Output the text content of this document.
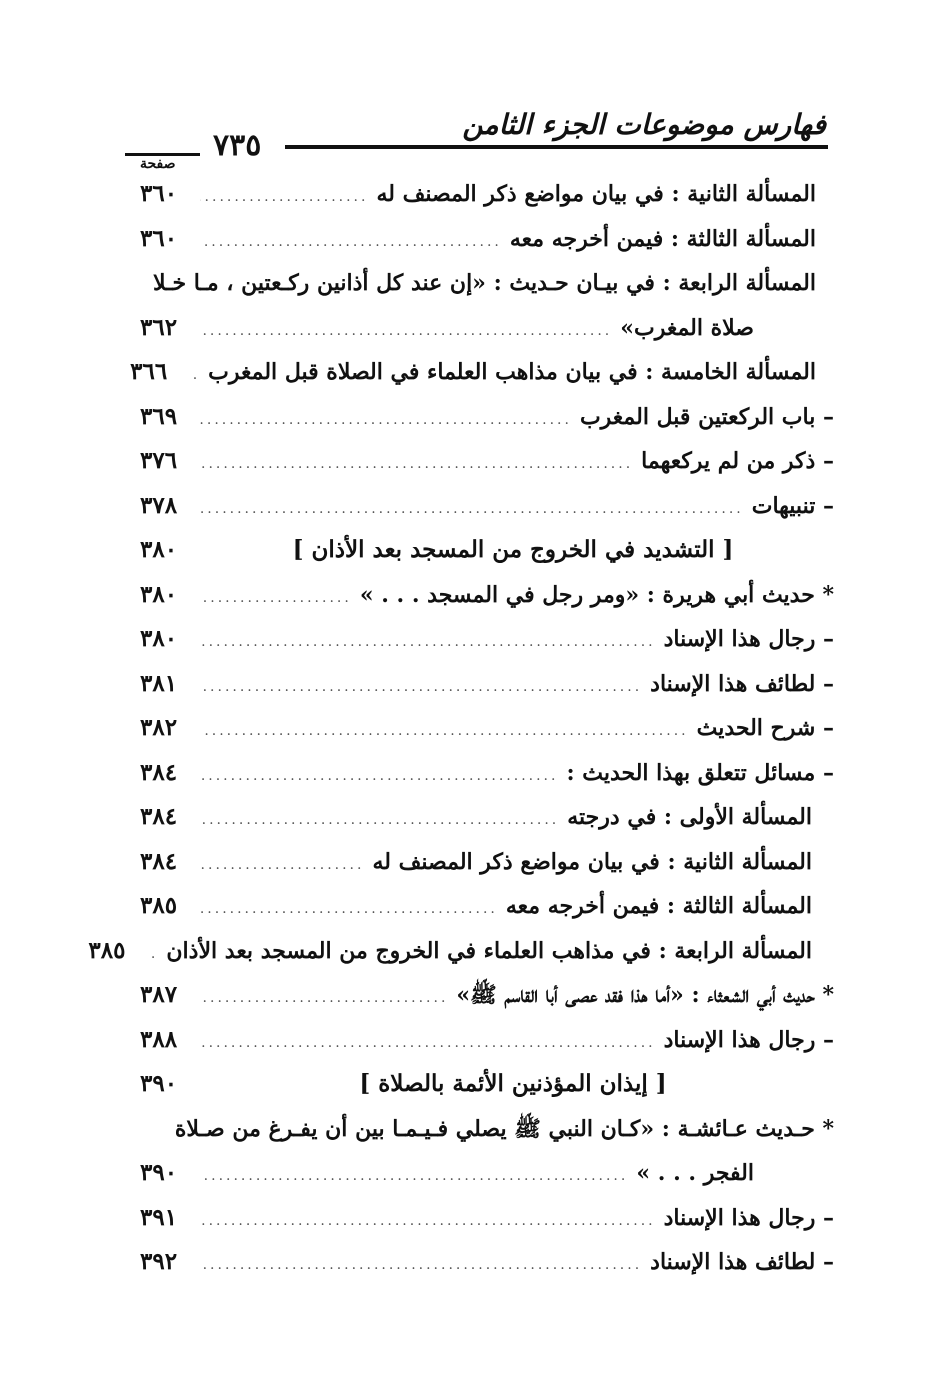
فهارس موضوعات الجزء الثامن
٧٣٥
صفحة
المسألة الثانية : في بيان مواضع ذكر المصنف له
.....
٣٦٠
المسألة الثالثة : فيمن أخرجه معه
.....
٣٦٠
المسألة الرابعة : في بيـان حـديث : «إن عند كل أذانين ركـعتين ، مـا خـلا
صلاة المغرب»
.....
٣٦٢
المسألة الخامسة : في بيان مذاهب العلماء في الصلاة قبل المغرب
.....
٣٦٦
– باب الركعتين قبل المغرب
.....
٣٦٩
– ذكر من لم يركعهما
.....
٣٧٦
– تنبيهات
.....
٣٧٨
[ التشديد في الخروج من المسجد بعد الأذان ]
٣٨٠
* حديث أبي هريرة : «ومر رجل في المسجد . . . »
.....
٣٨٠
– رجال هذا الإسناد
.....
٣٨٠
– لطائف هذا الإسناد
.....
٣٨١
– شرح الحديث
.....
٣٨٢
– مسائل تتعلق بهذا الحديث :
.....
٣٨٤
المسألة الأولى : في درجته
.....
٣٨٤
المسألة الثانية : في بيان مواضع ذكر المصنف له
.....
٣٨٤
المسألة الثالثة : فيمن أخرجه معه
.....
٣٨٥
المسألة الرابعة : في مذاهب العلماء في الخروج من المسجد بعد الأذان
.....
٣٨٥
* حديث أبي الشعثاء : «أما هذا فقد عصى أبا القاسم ﷺ»
.....
٣٨٧
– رجال هذا الإسناد
.....
٣٨٨
[ إيذان المؤذنين الأئمة بالصلاة ]
٣٩٠
* حـديث عـائشـة : «كـان النبي ﷺ يصلي فـيـمـا بين أن يفـرغ من صـلاة
الفجر . . . »
.....
٣٩٠
– رجال هذا الإسناد
.....
٣٩١
– لطائف هذا الإسناد
.....
٣٩٢
